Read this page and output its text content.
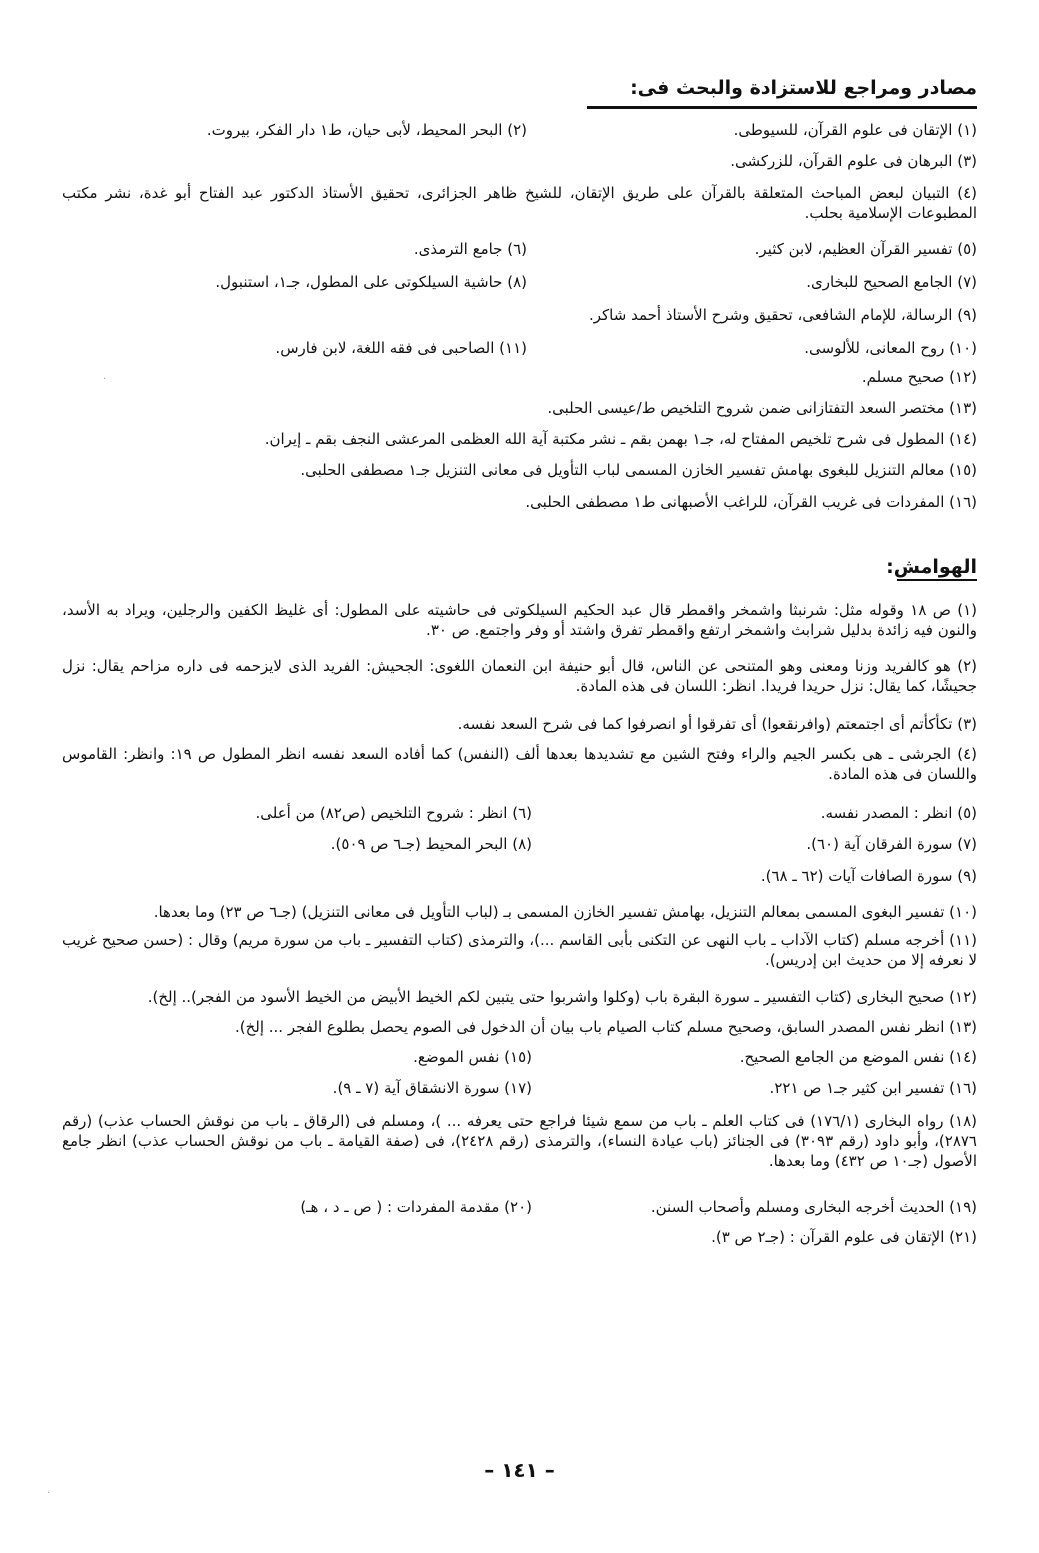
مصادر ومراجع للاستزادة والبحث فى:
(١) الإتقان فى علوم القرآن، للسيوطى.
(٢) البحر المحيط، لأبى حيان، ط١ دار الفكر، بيروت.
(٣) البرهان فى علوم القرآن، للزركشى.
(٤) التبيان لبعض المباحث المتعلقة بالقرآن على طريق الإتقان، للشيخ ظاهر الجزائرى، تحقيق الأستاذ الدكتور عبد الفتاح أبو غدة، نشر مكتب المطبوعات الإسلامية بحلب.
(٥) تفسير القرآن العظيم، لابن كثير.
(٦) جامع الترمذى.
(٧) الجامع الصحيح للبخارى.
(٨) حاشية السيلكوتى على المطول، جـ١، استنبول.
(٩) الرسالة، للإمام الشافعى، تحقيق وشرح الأستاذ أحمد شاكر.
(١٠) روح المعانى، للألوسى.
(١١) الصاحبى فى فقه اللغة، لابن فارس.
(١٢) صحيح مسلم.
(١٣) مختصر السعد التفتازانى ضمن شروح التلخيص ط/عيسى الحلبى.
(١٤) المطول فى شرح تلخيص المفتاح له، جـ١ بهمن بقم ـ نشر مكتبة آية الله العظمى المرعشى النجف بقم ـ إيران.
(١٥) معالم التنزيل للبغوى بهامش تفسير الخازن المسمى لباب التأويل فى معانى التنزيل جـ١ مصطفى الحلبى.
(١٦) المفردات فى غريب القرآن، للراغب الأصبهانى ط١ مصطفى الحلبى.
الهوامش:
(١) ص ١٨ وقوله مثل: شرنبثا واشمخر واقمطر قال عبد الحكيم السيلكوتى فى حاشيته على المطول: أى غليظ الكفين والرجلين، ويراد به الأسد، والنون فيه زائدة بدليل شرابث واشمخر ارتفع واقمطر تفرق واشتد أو وفر واجتمع. ص ٣٠.
(٢) هو كالفريد وزنا ومعنى وهو المتنحى عن الناس، قال أبو حنيفة ابن النعمان اللغوى: الجحيش: الفريد الذى لايزحمه فى داره مزاحم يقال: نزل جحيشًا، كما يقال: نزل حريدا فريدا. انظر: اللسان فى هذه المادة.
(٣) تكأكأتم أى اجتمعتم (وافرنقعوا) أى تفرقوا أو انصرفوا كما فى شرح السعد نفسه.
(٤) الجرشى ـ هى بكسر الجيم والراء وفتح الشين مع تشديدها بعدها ألف (النفس) كما أفاده السعد نفسه انظر المطول ص ١٩: وانظر: القاموس واللسان فى هذه المادة.
(٥) انظر : المصدر نفسه.
(٦) انظر : شروح التلخيص (ص٨٢) من أعلى.
(٧) سورة الفرقان آية (٦٠).
(٨) البحر المحيط (جـ٦ ص ٥٠٩).
(٩) سورة الصافات آيات (٦٢ ـ ٦٨).
(١٠) تفسير البغوى المسمى بمعالم التنزيل، بهامش تفسير الخازن المسمى بـ (لباب التأويل فى معانى التنزيل) (جـ٦ ص ٢٣) وما بعدها.
(١١) أخرجه مسلم (كتاب الآداب ـ باب النهى عن التكنى بأبى القاسم ...)، والترمذى (كتاب التفسير ـ باب من سورة مريم) وقال : (حسن صحيح غريب لا نعرفه إلا من حديث ابن إدريس).
(١٢) صحيح البخارى (كتاب التفسير ـ سورة البقرة باب (وكلوا واشربوا حتى يتبين لكم الخيط الأبيض من الخيط الأسود من الفجر).. إلخ).
(١٣) انظر نفس المصدر السابق، وصحيح مسلم كتاب الصيام باب بيان أن الدخول فى الصوم يحصل بطلوع الفجر ... إلخ).
(١٤) نفس الموضع من الجامع الصحيح.
(١٥) نفس الموضع.
(١٦) تفسير ابن كثير جـ١ ص ٢٢١.
(١٧) سورة الانشقاق آية (٧ ـ ٩).
(١٨) رواه البخارى (١٧٦/١) فى كتاب العلم ـ باب من سمع شيئا فراجع حتى يعرفه ... )، ومسلم فى (الرقاق ـ باب من نوقش الحساب عذب) (رقم ٢٨٧٦)، وأبو داود (رقم ٣٠٩٣) فى الجنائز (باب عيادة النساء)، والترمذى (رقم ٢٤٢٨)، فى (صفة القيامة ـ باب من نوقش الحساب عذب) انظر جامع الأصول (جـ١٠ ص ٤٣٢) وما بعدها.
(١٩) الحديث أخرجه البخارى ومسلم وأصحاب السنن.
(٢٠) مقدمة المفردات : ( ص ـ د ، هـ)
(٢١) الإتقان فى علوم القرآن : (جـ٢ ص ٣).
– ١٤١ –
·
·
